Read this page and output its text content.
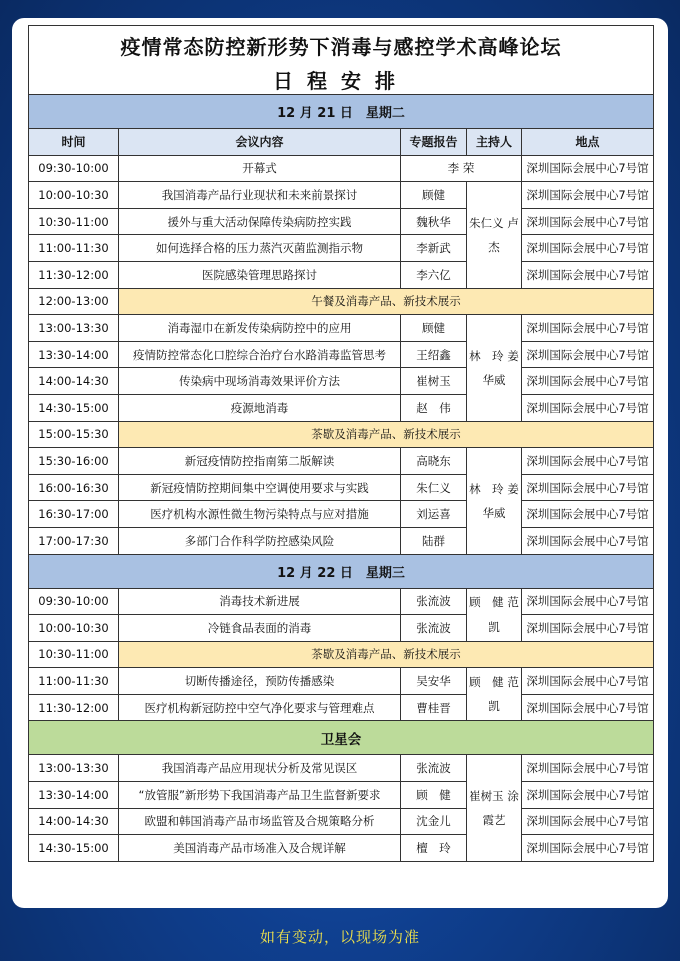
疫情常态防控新形势下消毒与感控学术高峰论坛				
日程安排				
12 月 21 日　星期二				
时间	会议内容	专题报告	主持人	地点
09:30-10:00	开幕式	李 荣		深圳国际会展中心7号馆
10:00-10:30	我国消毒产品行业现状和未来前景探讨	顾健	朱仁义 卢　杰	深圳国际会展中心7号馆
10:30-11:00	援外与重大活动保障传染病防控实践	魏秋华		深圳国际会展中心7号馆
11:00-11:30	如何选择合格的压力蒸汽灭菌监测指示物	李新武		深圳国际会展中心7号馆
11:30-12:00	医院感染管理思路探讨	李六亿		深圳国际会展中心7号馆
12:00-13:00	午餐及消毒产品、新技术展示			
13:00-13:30	消毒湿巾在新发传染病防控中的应用	顾健	林　玲 姜华威	深圳国际会展中心7号馆
13:30-14:00	疫情防控常态化口腔综合治疗台水路消毒监管思考	王绍鑫		深圳国际会展中心7号馆
14:00-14:30	传染病中现场消毒效果评价方法	崔树玉		深圳国际会展中心7号馆
14:30-15:00	疫源地消毒	赵　伟		深圳国际会展中心7号馆
15:00-15:30	茶歇及消毒产品、新技术展示			
15:30-16:00	新冠疫情防控指南第二版解读	高晓东	林　玲 姜华威	深圳国际会展中心7号馆
16:00-16:30	新冠疫情防控期间集中空调使用要求与实践	朱仁义		深圳国际会展中心7号馆
16:30-17:00	医疗机构水源性微生物污染特点与应对措施	刘运喜		深圳国际会展中心7号馆
17:00-17:30	多部门合作科学防控感染风险	陆群		深圳国际会展中心7号馆
12 月 22 日　星期三				
09:30-10:00	消毒技术新进展	张流波	顾　健 范　凯	深圳国际会展中心7号馆
10:00-10:30	冷链食品表面的消毒	张流波		深圳国际会展中心7号馆
10:30-11:00	茶歇及消毒产品、新技术展示			
11:00-11:30	切断传播途径，预防传播感染	吴安华	顾　健 范　凯	深圳国际会展中心7号馆
11:30-12:00	医疗机构新冠防控中空气净化要求与管理难点	曹桂晋		深圳国际会展中心7号馆
卫星会				
13:00-13:30	我国消毒产品应用现状分析及常见误区	张流波	崔树玉 涂霞艺	深圳国际会展中心7号馆
13:30-14:00	“放管服”新形势下我国消毒产品卫生监督新要求	顾　健		深圳国际会展中心7号馆
14:00-14:30	欧盟和韩国消毒产品市场监管及合规策略分析	沈金儿		深圳国际会展中心7号馆
14:30-15:00	美国消毒产品市场准入及合规详解	檀　玲		深圳国际会展中心7号馆
如有变动，以现场为准
